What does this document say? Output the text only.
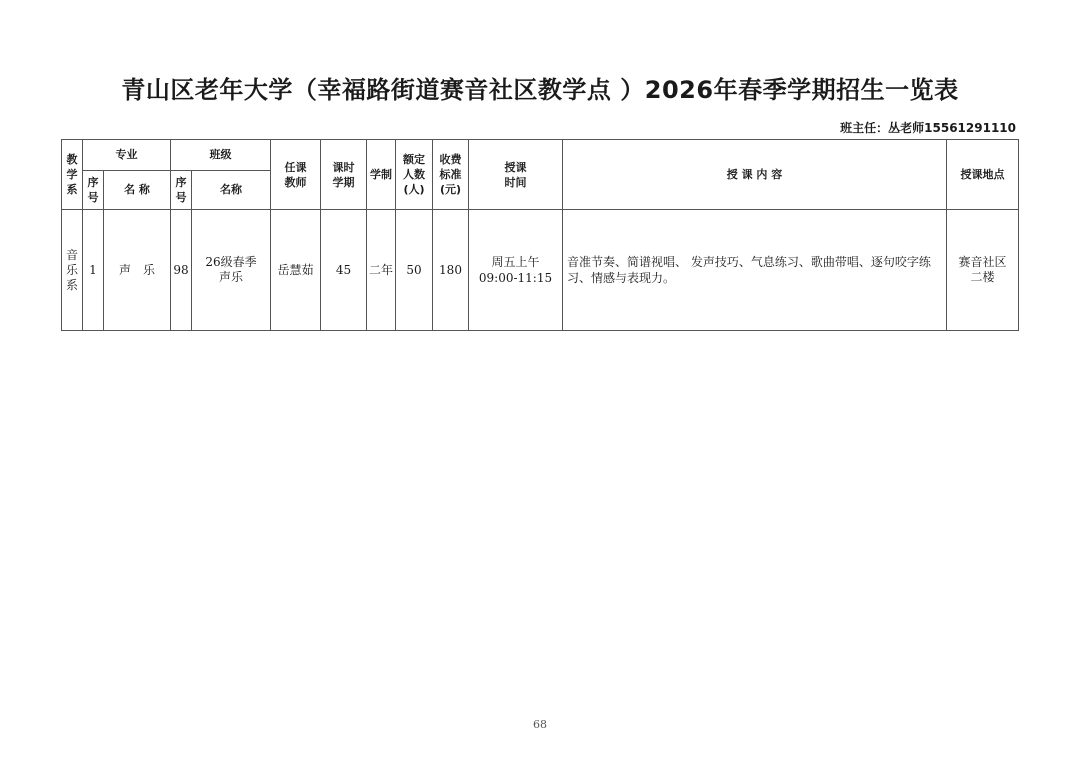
青山区老年大学（幸福路街道赛音社区教学点 ）2026年春季学期招生一览表
班主任：丛老师15561291110
教学系	专业		班级		任课教师	课时学期	学制	额定人数(人)	收费标准(元)	授课时间	授 课 内 容	授课地点
	序号	名 称	序号	名称								
音乐系	1	声　乐	98	26级春季声乐	岳慧茹	45	二年	50	180	周五上午
09:00-11:15	音准节奏、简谱视唱、 发声技巧、气息练习、歌曲带唱、逐句咬字练习、情感与表现力。	赛音社区二楼
68
